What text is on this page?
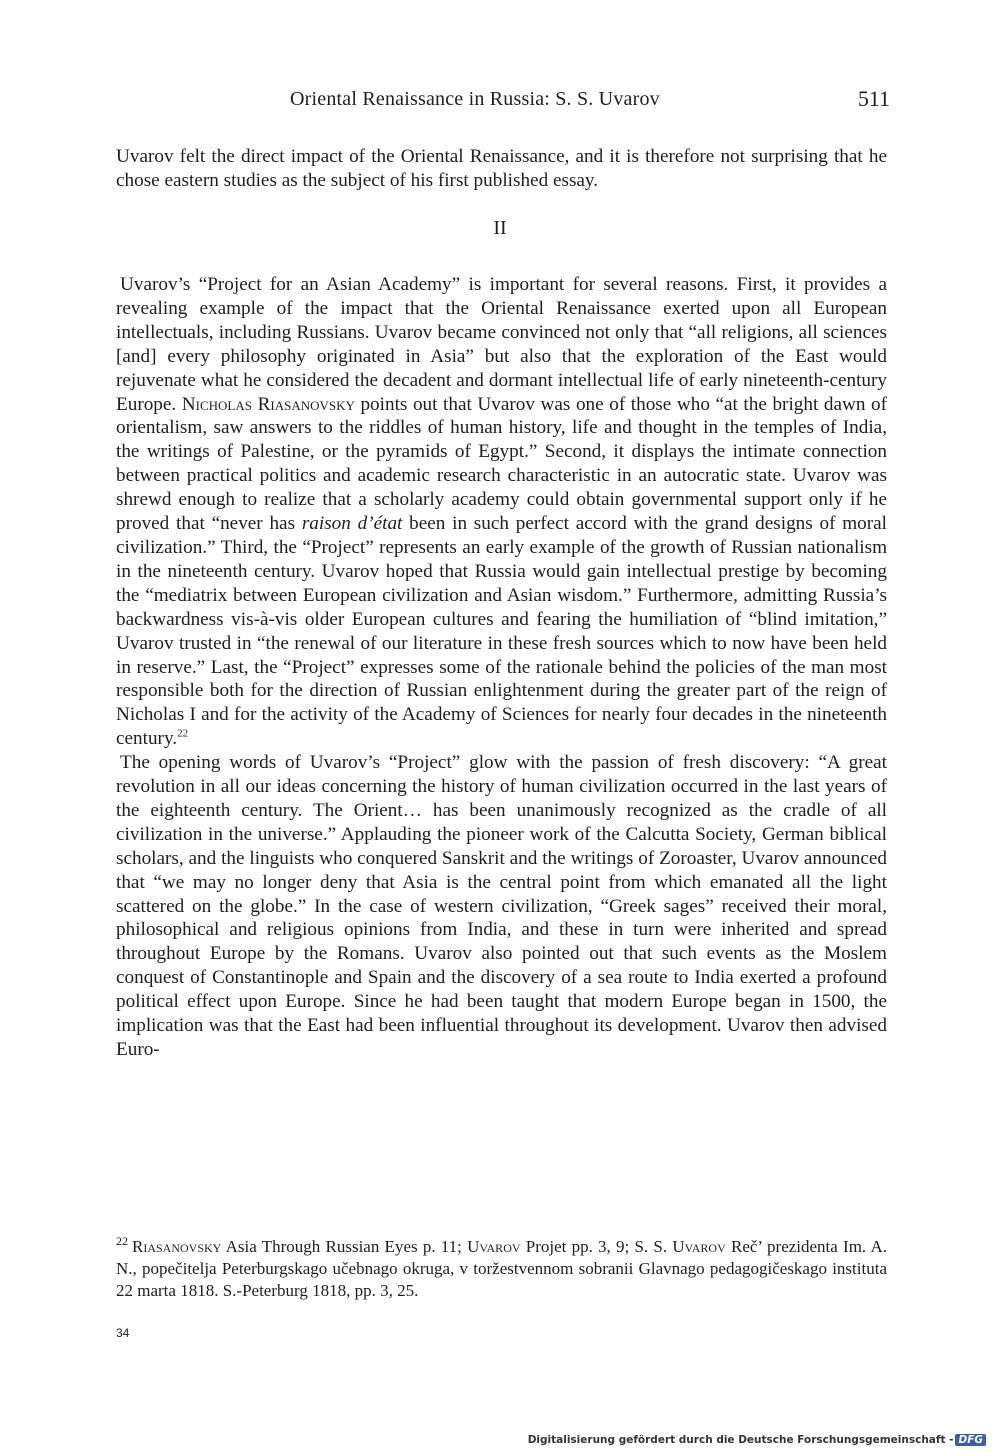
Oriental Renaissance in Russia: S. S. Uvarov	511

Uvarov felt the direct impact of the Oriental Renaissance, and it is therefore not surprising that he chose eastern studies as the subject of his first published essay.

II

Uvarov’s “Project for an Asian Academy” is important for several reasons. First, it provides a revealing example of the impact that the Oriental Renaissance exerted upon all European intellectuals, including Russians. Uvarov became convinced not only that “all religions, all sciences [and] every philosophy originated in Asia” but also that the exploration of the East would rejuvenate what he considered the decadent and dormant intellectual life of early nineteenth-century Europe. Nicholas Riasanovsky points out that Uvarov was one of those who “at the bright dawn of orientalism, saw answers to the riddles of human history, life and thought in the temples of India, the writings of Palestine, or the pyramids of Egypt.” Second, it displays the intimate connection between practical politics and academic research characteristic in an autocratic state. Uvarov was shrewd enough to realize that a scholarly academy could obtain governmental support only if he proved that “never has raison d’état been in such perfect accord with the grand designs of moral civilization.” Third, the “Project” represents an early example of the growth of Russian nationalism in the nineteenth century. Uvarov hoped that Russia would gain intellectual prestige by becoming the “mediatrix between European civilization and Asian wisdom.” Furthermore, admitting Russia’s backwardness vis-à-vis older European cultures and fearing the humiliation of “blind imitation,” Uvarov trusted in “the renewal of our literature in these fresh sources which to now have been held in reserve.” Last, the “Project” expresses some of the rationale behind the policies of the man most responsible both for the direction of Russian enlightenment during the greater part of the reign of Nicholas I and for the activity of the Academy of Sciences for nearly four decades in the nineteenth century.$^{22}$

The opening words of Uvarov’s “Project” glow with the passion of fresh discovery: “A great revolution in all our ideas concerning the history of human civilization occurred in the last years of the eighteenth century. The Orient… has been unanimously recognized as the cradle of all civilization in the universe.” Applauding the pioneer work of the Calcutta Society, German biblical scholars, and the linguists who conquered Sanskrit and the writings of Zoroaster, Uvarov announced that “we may no longer deny that Asia is the central point from which emanated all the light scattered on the globe.” In the case of western civilization, “Greek sages” received their moral, philosophical and religious opinions from India, and these in turn were inherited and spread throughout Europe by the Romans. Uvarov also pointed out that such events as the Moslem conquest of Constantinople and Spain and the discovery of a sea route to India exerted a profound political effect upon Europe. Since he had been taught that modern Europe began in 1500, the implication was that the East had been influential throughout its development. Uvarov then advised Euro-

$^{22}$ Riasanovsky Asia Through Russian Eyes p. 11; Uvarov Projet pp. 3, 9; S. S. Uvarov Reč’ prezidenta Im. A. N., popečitelja Peterburgskago učebnago okruga, v toržestvennom sobranii Glavnago pedagogičeskago instituta 22 marta 1818. S.-Peterburg 1818, pp. 3, 25.
34
Digitalisierung gefördert durch die Deutsche Forschungsgemeinschaft - DFG
